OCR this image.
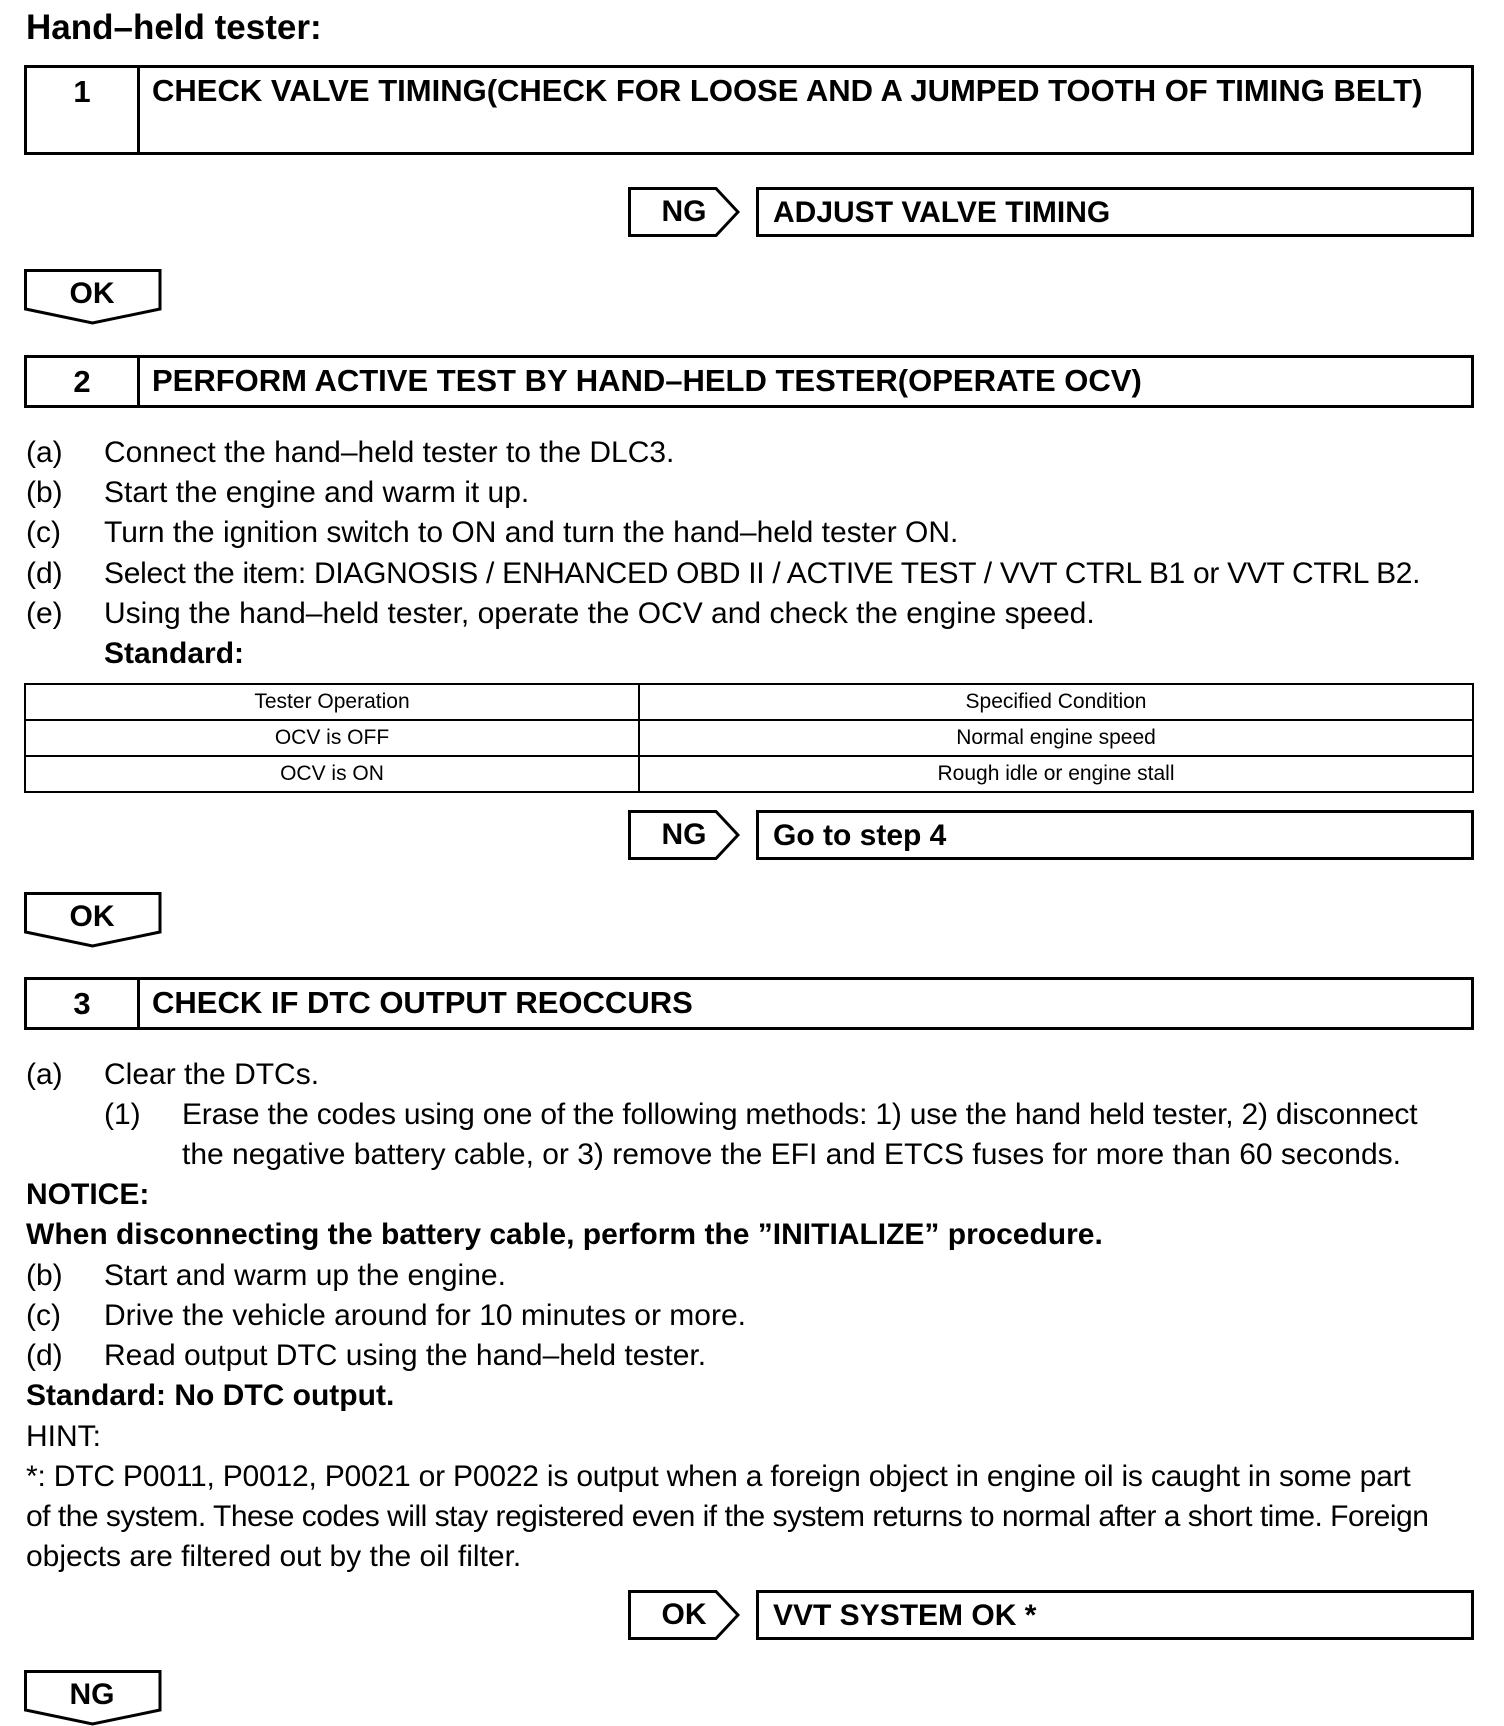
Hand–held tester:
1	CHECK VALVE TIMING(CHECK FOR LOOSE AND A JUMPED TOOTH OF TIMING BELT)
NG	ADJUST VALVE TIMING
OK
2	PERFORM ACTIVE TEST BY HAND–HELD TESTER(OPERATE OCV)
(a) Connect the hand–held tester to the DLC3.
(b) Start the engine and warm it up.
(c) Turn the ignition switch to ON and turn the hand–held tester ON.
(d) Select the item: DIAGNOSIS / ENHANCED OBD II / ACTIVE TEST / VVT CTRL B1 or VVT CTRL B2.
(e) Using the hand–held tester, operate the OCV and check the engine speed.
Standard:
Tester Operation	Specified Condition
OCV is OFF	Normal engine speed
OCV is ON	Rough idle or engine stall
NG	Go to step 4
OK
3	CHECK IF DTC OUTPUT REOCCURS
(a) Clear the DTCs.
(1) Erase the codes using one of the following methods: 1) use the hand held tester, 2) disconnect
the negative battery cable, or 3) remove the EFI and ETCS fuses for more than 60 seconds.
NOTICE:
When disconnecting the battery cable, perform the ”INITIALIZE” procedure.
(b) Start and warm up the engine.
(c) Drive the vehicle around for 10 minutes or more.
(d) Read output DTC using the hand–held tester.
Standard: No DTC output.
HINT:
*: DTC P0011, P0012, P0021 or P0022 is output when a foreign object in engine oil is caught in some part
of the system. These codes will stay registered even if the system returns to normal after a short time. Foreign
objects are filtered out by the oil filter.
OK	VVT SYSTEM OK *
NG
